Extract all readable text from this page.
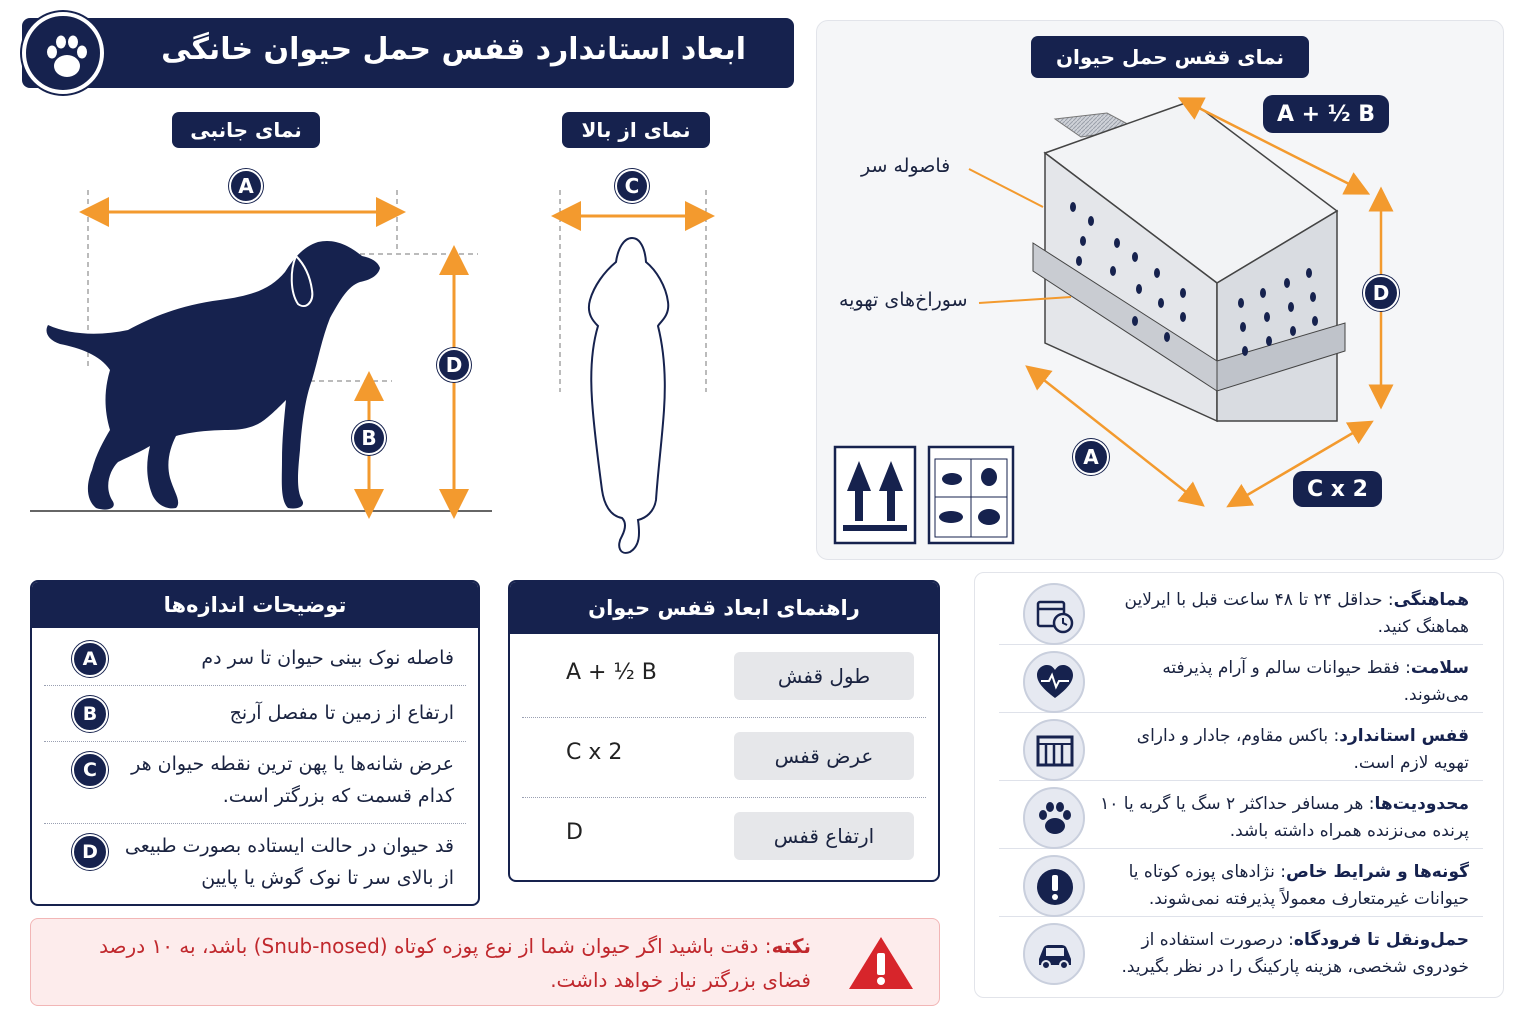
ابعاد استاندارد قفس حمل حیوان خانگی
نمای جانبی	نمای از بالا
A
D
B
C
نمای قفس حمل حیوان
فاصوله سر
سوراخ‌های تهویه
A + ½ B
D
A
C x 2
توضیحات اندازه‌ها
A	فاصله نوک بینی حیوان تا سر دم
B	ارتفاع از زمین تا مفصل آرنج
C	عرض شانه‌ها یا پهن ترین نقطه حیوان هر کدام قسمت که بزرگتر است.
D	قد حیوان در حالت ایستاده بصورت طبیعی از بالای سر تا نوک گوش یا پایین
راهنمای ابعاد قفس حیوان
A + ½ B	طول قفش
C x 2	عرض قفس
D	ارتفاع قفس
نکته: دقت باشید اگر حیوان شما از نوع پوزه کوتاه (Snub-nosed) باشد، به ۱۰ درصد فضای بزرگتر نیاز خواهد داشت.
هماهنگی: حداقل ۲۴ تا ۴۸ ساعت قبل با ایرلاین هماهنگ کنید.
سلامت: فقط حیوانات سالم و آرام پذیرفته می‌شوند.
قفس استاندارد: باکس مقاوم، جادار و دارای تهویه لازم است.
محدودیت‌ها: هر مسافر حداکثر ۲ سگ یا گربه یا ۱۰ پرنده می‌نزنده همراه داشته باشد.
گونه‌ها و شرایط خاص: نژادهای پوزه کوتاه یا حیوانات غیرمتعارف معمولاً پذیرفته نمی‌شوند.
حمل‌ونقل تا فرودگاه: درصورت استفاده از خودروی شخصی، هزینه پارکینگ را در نظر بگیرید.
